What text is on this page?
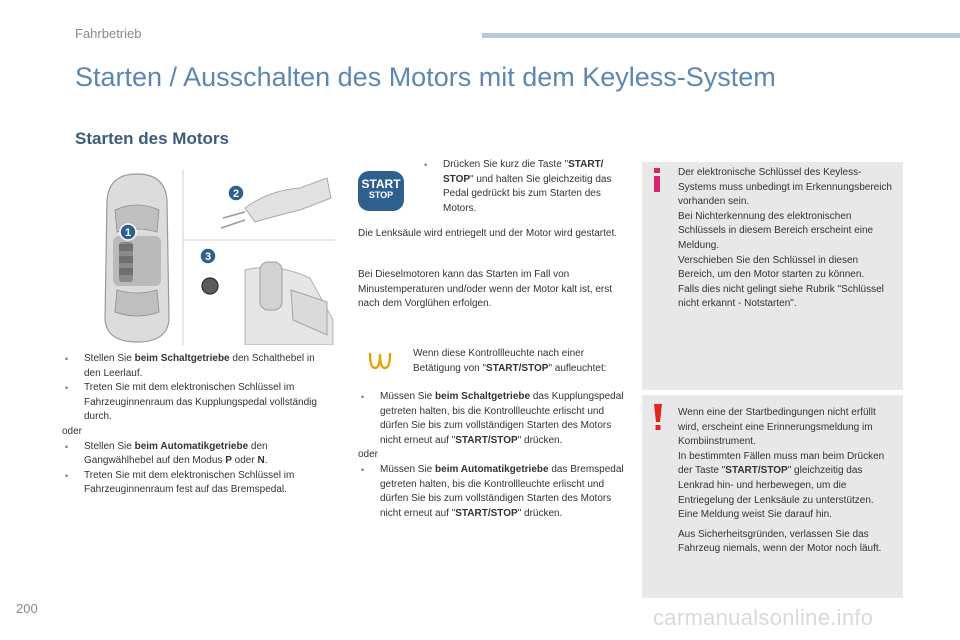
Fahrbetrieb
Starten / Ausschalten des Motors mit dem Keyless-System
Starten des Motors
1
2
3
• Stellen Sie beim Schaltgetriebe den Schalthebel in den Leerlauf.
• Treten Sie mit dem elektronischen Schlüssel im Fahrzeuginnenraum das Kupplungspedal vollständig durch.
oder
• Stellen Sie beim Automatikgetriebe den Gangwählhebel auf den Modus P oder N.
• Treten Sie mit dem elektronischen Schlüssel im Fahrzeuginnenraum fest auf das Bremspedal.
START
STOP
• Drücken Sie kurz die Taste "START/ STOP" und halten Sie gleichzeitig das Pedal gedrückt bis zum Starten des Motors.
Die Lenksäule wird entriegelt und der Motor wird gestartet.
Bei Dieselmotoren kann das Starten im Fall von Minustemperaturen und/oder wenn der Motor kalt ist, erst nach dem Vorglühen erfolgen.
Wenn diese Kontrollleuchte nach einer Betätigung von "START/STOP" aufleuchtet:
• Müssen Sie beim Schaltgetriebe das Kupplungspedal getreten halten, bis die Kontrollleuchte erlischt und dürfen Sie bis zum vollständigen Starten des Motors nicht erneut auf "START/STOP" drücken.
oder
• Müssen Sie beim Automatikgetriebe das Bremspedal getreten halten, bis die Kontrollleuchte erlischt und dürfen Sie bis zum vollständigen Starten des Motors nicht erneut auf "START/STOP" drücken.
Der elektronische Schlüssel des Keyless-Systems muss unbedingt im Erkennungsbereich vorhanden sein.
Bei Nichterkennung des elektronischen Schlüssels in diesem Bereich erscheint eine Meldung.
Verschieben Sie den Schlüssel in diesen Bereich, um den Motor starten zu können.
Falls dies nicht gelingt siehe Rubrik "Schlüssel nicht erkannt - Notstarten".
Wenn eine der Startbedingungen nicht erfüllt wird, erscheint eine Erinnerungsmeldung im Kombiinstrument.
In bestimmten Fällen muss man beim Drücken der Taste "START/STOP" gleichzeitig das Lenkrad hin- und herbewegen, um die Entriegelung der Lenksäule zu unterstützen. Eine Meldung weist Sie darauf hin.
Aus Sicherheitsgründen, verlassen Sie das Fahrzeug niemals, wenn der Motor noch läuft.
200	carmanualsonline.info
